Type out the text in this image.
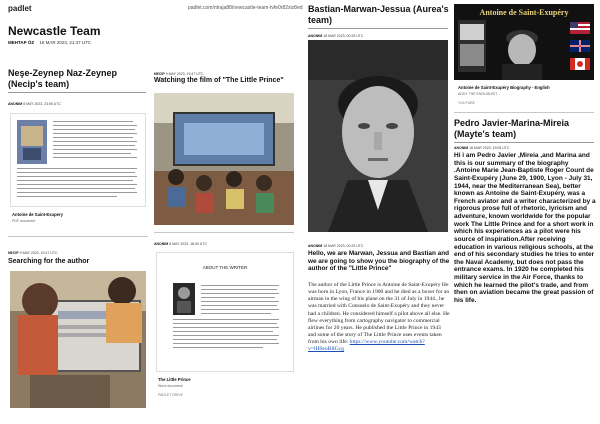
padlet	padlet.com/ntraja88/newcastle-team-tvfe0r82xlz8ed
Newcastle Team
MEHTAP ÖZ 18 MAR 2023, 21:47 UTC
Neşe-Zeynep Naz-Zeynep (Necip's team)
ANONIM 8 MAY 2023, 23:05 UTC
Antoine de Saint-Exupery
PDF document
NECIP 9 MAY 2023, 19:47 UTC
Searching for the author
NECIP 9 MAY 2023, 19:47 UTC
Watching the film of "The Little Prince"
ANONIM 8 MAY 2023, 18:09 UTC
ABOUT THE WRITER
The Little Prince
Word document
PADLET DRIVE
Bastian-Marwan-Jessua (Aurea's team)
ANONIM 18 MAR 2023, 00:25 UTC
ANONIM 18 MAR 2023, 00:25 UTC
Hello, we are Marwan, Jessua and Bastian and we are going to show you the biography of the author of the "Little Prince"
The author of the Little Prince is Antoine de Saint-Exupéry He was born in Lyon, France in 1900 and he died as a boxer for an airman in the wing of his plane on the 31 of July in 1944., he was married with Consuelo de Saint-Exupéry and they never had a children. He considered himself a pilot above all else. He flew everything from cartography navigator to commercial airlines for 20 years. He published the Little Prince in 1943 and some of the story of The Little Prince uses events taken from his own life: https://www.youtube.com/watch?v=lH9eoBlIGcg
Antoine de Saint-Exupéry
Antoine de Saint-Exupéry Biography - English
ADDY THE ENGLISH/ST...
YOUTUBE
Pedro Javier-Marina-Mireia (Mayte's team)
ANONIM 18 MAR 2023, 19:05 UTC
Hi i am Pedro Javier ,Mireia ,and Marina and this is our summary of the biography .Antoine Marie Jean-Baptiste Roger Count de Saint-Exupéry (June 29, 1900, Lyon - July 31, 1944, near the Mediterranean Sea), better known as Antoine de Saint-Exupéry, was a French aviator and a writer characterized by a rigorous prose full of rhetoric, lyricism and adventure, known worldwide for the popular work The Little Prince and for a short work in which his experiences as a pilot were his source of inspiration.After receiving education in various religious schools, at the end of his secondary studies he tries to enter the Naval Academy, but does not pass the entrance exams. In 1920 he completed his military service in the Air Force, thanks to which he learned the pilot's trade, and from then on aviation became the great passion of his life.
